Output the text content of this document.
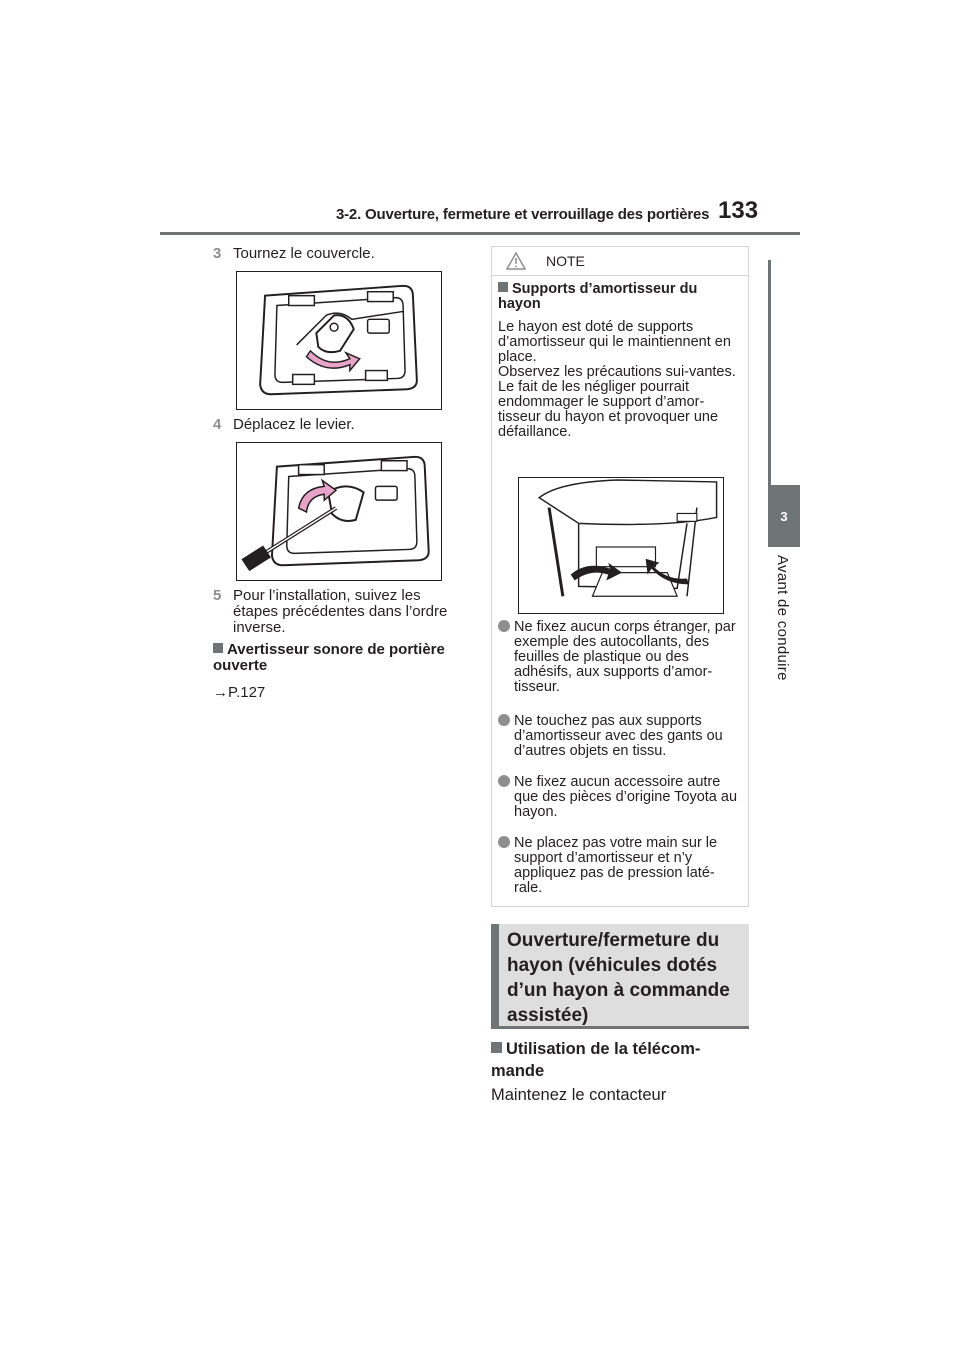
3-2. Ouverture, fermeture et verrouillage des portières 133
3
Avant de conduire
3 Tournez le couvercle.
4 Déplacez le levier.
5 Pour l’installation, suivez les étapes précédentes dans l’ordre inverse.
Avertisseur sonore de portière ouverte
→P.127
NOTE
Supports d’amortisseur du hayon
Le hayon est doté de supports d’amortisseur qui le maintiennent en place.
Observez les précautions sui-vantes.
Le fait de les négliger pourrait endommager le support d’amor-tisseur du hayon et provoquer une défaillance.
Ne fixez aucun corps étranger, par exemple des autocollants, des feuilles de plastique ou des adhésifs, aux supports d’amor-tisseur.
Ne touchez pas aux supports d’amortisseur avec des gants ou d’autres objets en tissu.
Ne fixez aucun accessoire autre que des pièces d’origine Toyota au hayon.
Ne placez pas votre main sur le support d’amortisseur et n’y appliquez pas de pression laté-rale.
Ouverture/fermeture du hayon (véhicules dotés d’un hayon à commande assistée)
Utilisation de la télécom-mande
Maintenez le contacteur
